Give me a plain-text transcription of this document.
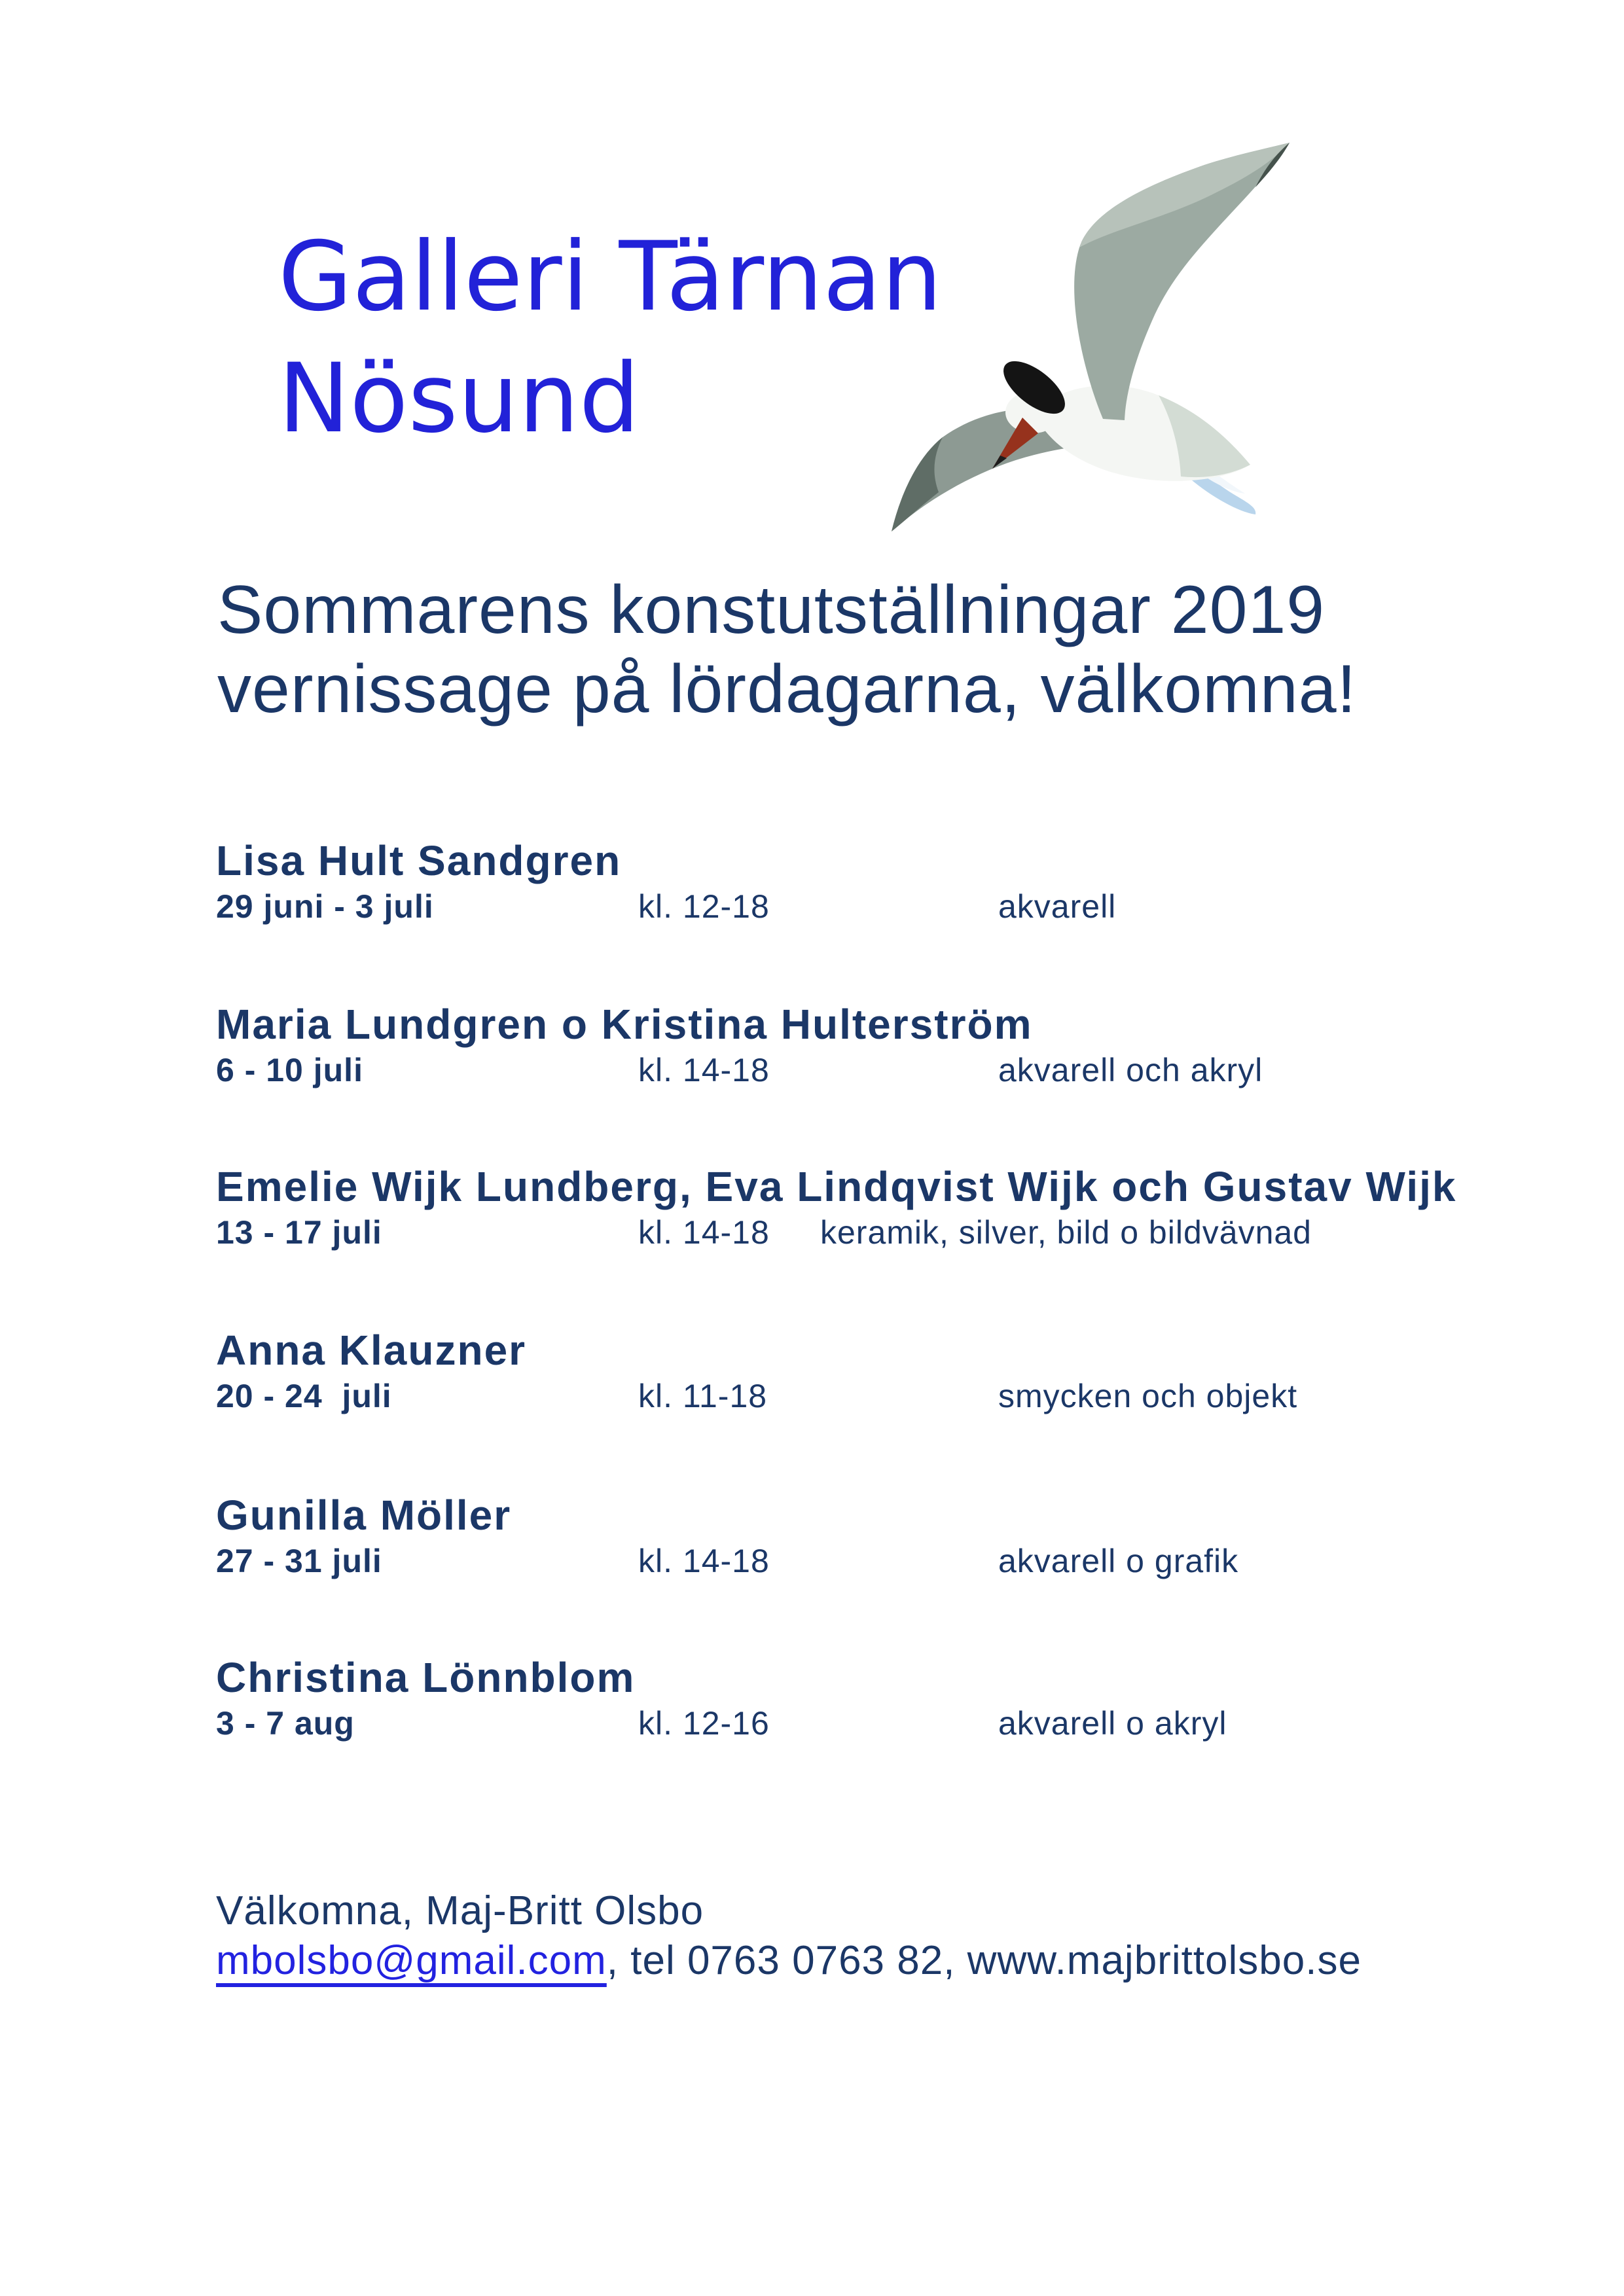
Galleri Tärnan
Nösund
Sommarens konstutställningar 2019
vernissage på lördagarna, välkomna!
Lisa Hult Sandgren
29 juni - 3 juli	kl. 12-18	akvarell
Maria Lundgren o Kristina Hulterström
6 - 10 juli	kl. 14-18	akvarell och akryl
Emelie Wijk Lundberg, Eva Lindqvist Wijk och Gustav Wijk
13 - 17 juli	kl. 14-18 keramik, silver, bild o bildvävnad
Anna Klauzner
20 - 24  juli	kl. 11-18	smycken och objekt
Gunilla Möller
27 - 31 juli	kl. 14-18	akvarell o grafik
Christina Lönnblom
3 - 7 aug	kl. 12-16	akvarell o akryl
Välkomna, Maj-Britt Olsbo
mbolsbo@gmail.com, tel 0763 0763 82, www.majbrittolsbo.se
